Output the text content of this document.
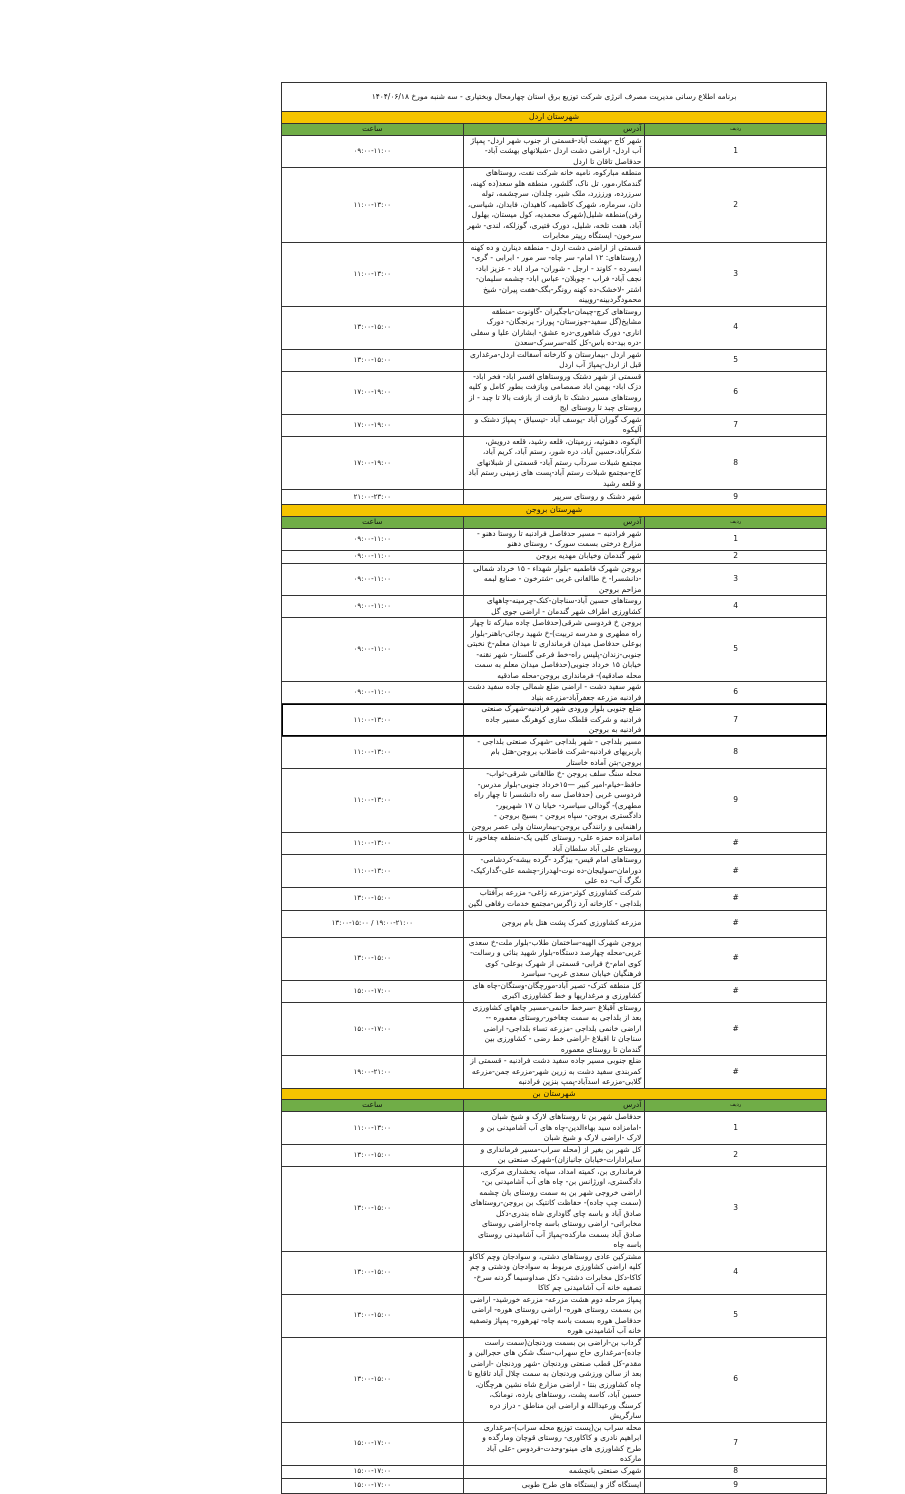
برنامه اطلاع رسانی مدیریت مصرف انرژی شرکت توزیع برق استان چهارمحال وبختیاری - سه شنبه مورخ ۱۴۰۴/۰۶/۱۸		
شهرستان اردل		
ردیف	آدرس	ساعت
1	شهر کاج -بهشت آباد-قسمتی از جنوب شهر اردل- پمپاژ آب اردل- اراضی دشت اردل -شبلانهای بهشت آباد- حدفاصل تاقان تا اردل	۰۹:۰۰-۱۱:۰۰
2	منطقه مبارکوه، نامیه خانه شرکت نفت، روستاهای گندمکار،مور، تل ناک، گلشور، منطقه هلو سعد(ده کهنه، سرزرده، ورززرد، ملک شیر، چلدان، سرچشمه، توله دان، سرماره، شهرک کاظمیه، کاهیدان، فابدان، شیاسی، رفن)منطقه شلیل(شهرک محمدیه، کول میستان، بهلول آباد، هفت تلخه، شلیل، دورک فتیری، گوزلکه، لندی- شهر سرخون- ایستگاه رپیتر مخابرات	۱۱:۰۰-۱۳:۰۰
3	قسمتی از اراضی دشت اردل - منطقه دینارن و ده کهنه (روستاهای: ۱۲ امام- سر چاه- سر مور - ابرابی - گری- ابسرده - کاوند - ارجل - شوران- مراد اباد - عزیز اباد-نجف آباد- فراب - چوبلان- عباس اباد- چشمه سلیمان-اشتر -لاخشک-ده کهنه رونگر-بگک-هفت پیران- شیخ محمودگردبینه-رویینه	۱۱:۰۰-۱۳:۰۰
4	روستاهای کرچ-چیمان-باجگیران -گاونوت -منطقه مشایخ(گل سفید-جوزستان- پوراز- برنجگان- دورک اناری- دورک شاهوری-دره عشق- ابشاران علیا و سفلی -دره بید-ده باس-کل کله-سرسرک-سعدن	۱۳:۰۰-۱۵:۰۰
5	شهر اردل -بیمارستان و کارخانه آسفالت اردل-مرغداری قبل از اردل-پمپاژ آب اردل	۱۳:۰۰-۱۵:۰۰
6	قسمتی از شهر دشتک وروستاهای افسر اباد- فخر اباد- دزک اباد- بهمن اباد صمصامی وبازفت بطور کامل و کلیه روستاهای مسیر دشتک تا بازفت از بازفت بالا تا چبد - از روستای چبد تا روستای ایج	۱۷:۰۰-۱۹:۰۰
7	شهرک گوران آباد -یوسف آباد -تیسباق - پمپاژ دشتک و آلیکوه	۱۷:۰۰-۱۹:۰۰
8	آلیکوه، دهنوئیه، زرمیتان، قلعه رشید، قلعه درویش، شکرآباد،حسین آباد، دره شور، رستم آباد، کریم آباد، مجتمع شبلات سردآب رستم آباد- قسمتی از شبلانهای کاج-مجتمع شبلات رستم آباد-پست های زمینی رستم آباد و قلعه رشید	۱۷:۰۰-۱۹:۰۰
9	شهر دشتک و روستای سرپیر	۲۱:۰۰-۲۳:۰۰
شهرستان بروجن		
ردیف	آدرس	ساعت
1	شهر فرادنبه – مسیر حدفاصل فرادنبه تا روستا دهنو - مزارع درختی بسمت سورک - روستای دهنو	۰۹:۰۰-۱۱:۰۰
2	شهر گندمان وخیابان مهدیه بروجن	۰۹:۰۰-۱۱:۰۰
3	بروجن شهرک فاطمیه -بلوار شهداء - ۱۵ خرداد شمالی -دانشسرا- خ طالقانی غربی -شترخون - صنایع لبمه مزاحم بروجن	۰۹:۰۰-۱۱:۰۰
4	روستاهای حسین آباد-سناجان-کنک-چرمینه-چاههای کشاورزی اطراف شهر گندمان - اراضی جوی گل	۰۹:۰۰-۱۱:۰۰
5	بروجن خ فردوسی شرقی(حدفاصل چاده مبارکه تا چهار راه مطهری و مدرسه تربیت)-خ شهید رجائی-باهنر-بلوار بوعلی حدفاصل میدان فرمانداری تا میدان معلم-خ نخبتی جنوبی-زندان-پلیس راه-خط فرعی گلستار- شهر نقنه- خیابان ۱۵ خرداد جنوبی(حدفاصل میدان معلم به سمت محله صادقیه)- فرمانداری بروجن-محله صادقیه	۰۹:۰۰-۱۱:۰۰
6	شهر سفید دشت - اراضی ضلع شمالی جاده سفید دشت فرادنبه مزرعه جعفرآباد-مزرعه بنیاد	۰۹:۰۰-۱۱:۰۰
7	ضلع جنوبی بلوار ورودی شهر فرادنبه-شهرک صنعتی فرادنبه و شرکت قلطک سازی کوهرنگ مسیر جاده فرادنبه به بروجن	۱۱:۰۰-۱۳:۰۰
8	مسیر بلداجی - شهر بلداجی -شهرک صنعتی بلداجی - باربریهای فرادنبه-شرکت فاضلاب بروجن-هتل بام بروجن-بتن آماده خاستار	۱۱:۰۰-۱۳:۰۰
9	محله سنگ سلف بروجن -خ طالقانی شرقی-ثواب- حافظ-خیام-امیر کبیر —۱۵خرداد جنوبی-بلوار مدرس-فردوسی غربی (حدفاصل سه راه دانشسرا تا چهار راه مطهری)- گودالی سیاسرد- خیابا ن ۱۷ شهریور- دادگستری بروجن- سپاه بروجن - بسیج بروجن - راهنمایی و رانندگی بروجن-بیمارستان ولی عصر بروجن	۱۱:۰۰-۱۳:۰۰
#	امامزاده حمزه علی- روستای کلیی یک-منطقه چغاخور تا روستای علی آباد سلطان آباد	۱۱:۰۰-۱۳:۰۰
#	روستاهای امام قیس- بیژگرد -گرده بیشه-کردشامی-دورامان-سولیجان-ده نوت-لهدراز-چشمه علی-گدارکیک-نگرگ آب- ده علی	۱۱:۰۰-۱۳:۰۰
#	شرکت کشاورزی کوثر-مزرعه زاغی- مزرعه برآفتاب بلداجی - کارخانه آرد زاگرس-مجتمع خدمات رفاهی لگین	۱۳:۰۰-۱۵:۰۰
#	مزرعه کشاورزی کمرک پشت هتل بام بروجن	۱۳:۰۰-۱۵:۰۰ / ۱۹:۰۰-۲۱:۰۰
#	بروجن شهرک الهیه-ساختمان طلاب-بلوار ملت-خ سعدی غربی-محله چهارصد دستگاه-بلوار شهید بنائی و رسالت-کوی امام-خ فرابی- قسمتی از شهرک بوعلی- کوی فرهنگیان خیابان سعدی غربی- سیاسرد	۱۳:۰۰-۱۵:۰۰
#	کل منطقه کترک- تصیر آباد-مورچگان-وستگان-چاه های کشاورزی و مرغداریها و خط کشاورزی اکبری	۱۵:۰۰-۱۷:۰۰
#	روستای آقبلاغ -سرخط حانمی-مسیر چاههای کشاورزی بعد از بلداجی به سمت چغاخور-روستای معموره -- اراضی خانمی بلداجی -مزرعه تساء بلداجی- اراضی سناجان تا اقبلاغ -اراضی خط رضی - کشاورزی بین گندمان تا روستای معموره	۱۵:۰۰-۱۷:۰۰
#	ضلع جنوبی مسیر جاده سفید دشت فرادنبه - قسمتی از کمربندی سفید دشت به زرین شهر-مزرعه جمن-مزرعه گلابی-مزرعه اسدآباد-پمپ بنزین فرادنبه	۱۹:۰۰-۲۱:۰۰
شهرستان بن		
ردیف	آدرس	ساعت
1	حدفاصل شهر بن تا روستاهای لارک و شیخ شبان -امامزاده سید بهاءالدین-چاه های آب آشامیدنی بن و لارک -اراضی لارک و شیخ شبان	۱۱:۰۰-۱۳:۰۰
2	کل شهر بن بغیر از (محله سراب-مسیر فرمانداری و سایرادارات-خیابان جانبازان)-شهرک صنعتی بن	۱۳:۰۰-۱۵:۰۰
3	فرمانداری بن، کمیته امداد، سپاه، بخشداری مرکزی، دادگستری، اورژانس بن- چاه های آب آشامیدنی بن-اراضی خروجی شهر بن به سمت روستای بان چشمه (سمت چپ جاده)- حفاظت کانتیک بن بروجن-روستاهای صادق آباد و باسه چای گاوداری شاه بندری-دکل مخابراتی- اراضی روستای باسه چاه-اراضی روستای صادق آباد بسمت مارکده-پمپاژ آب آشامیدنی روستای باسه چاه	۱۳:۰۰-۱۵:۰۰
4	مشترکین عادی روستاهای دشتی، و سوادجان وچم کاکاو کلیه اراضی کشاورزی مربوط به سوادجان ودشتی و چم کاکا-دکل مخابرات دشتی- دکل صداوسیما گردنه سرخ- تصفیه خانه آب آشامیدنی چم کاکا	۱۳:۰۰-۱۵:۰۰
5	پمپاژ مرحله دوم هشت مزرعه- مزرعه خورشید- اراضی بن بسمت روستای هوره- اراضی روستای هوره- اراضی حدفاصل هوره بسمت باسه چاه- تهرهوره- پمپاژ وتصفیه خانه آب آشامیدنی هوره	۱۳:۰۰-۱۵:۰۰
6	گرداب بن-اراضی بن بسمت وردنجان(سمت راست جاده)-مرغداری حاج سهراب-سنگ شکن های حجرالبن و مقدم-کل قطب صنعتی وردنجان -شهر وردنجان -اراضی بعد از سالن ورزشی وردنجان به سمت چلال آباد تاقایع تا چاه کشاورزی بنتا - اراضی مزارع شاه نشین هرچگان، حسین آباد، کاسه پشت، روستاهای بارده، نومانک، کرسنگ ورعیدالله و اراضی این مناطق - دراز دره سارگریش	۱۳:۰۰-۱۵:۰۰
7	محله سراب بن(پست توزیع محله سراب)-مرغداری ابراهیم نادری و کاکاوری- روستای قوچان ومارگده و طرح کشاورزی های مینو-وحدت-فردوس -علی آباد مارکده	۱۵:۰۰-۱۷:۰۰
8	شهرک صنعتی بانچشمه	۱۵:۰۰-۱۷:۰۰
9	ایستگاه گاز و ایستگاه های طرح طوبی	۱۵:۰۰-۱۷:۰۰
